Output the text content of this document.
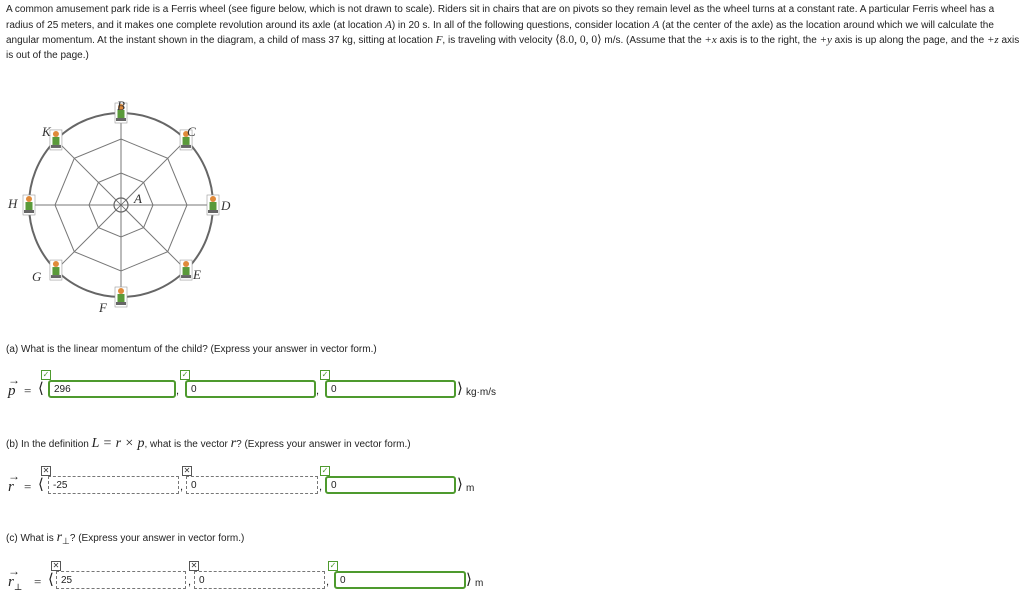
A common amusement park ride is a Ferris wheel (see figure below, which is not drawn to scale). Riders sit in chairs that are on pivots so they remain level as the wheel turns at a constant rate. A particular Ferris wheel has a radius of 25 meters, and it makes one complete revolution around its axle (at location A) in 20 s. In all of the following questions, consider location A (at the center of the axle) as the location around which we will calculate the angular momentum. At the instant shown in the diagram, a child of mass 37 kg, sitting at location F, is traveling with velocity ⟨8.0, 0, 0⟩ m/s. (Assume that the +x axis is to the right, the +y axis is up along the page, and the +z axis is out of the page.)
B
C
D
E
F
G
H
K
A
(a) What is the linear momentum of the child? (Express your answer in vector form.)
→
p = ⟨
✓
296
,
✓
0
,
✓
0
⟩ kg·m/s
(b) In the definition L = r × p, what is the vector r? (Express your answer in vector form.)
→
r = ⟨
✕
-25
,
✕
0
,
✓
0
⟩ m
(c) What is $r_\perp$? (Express your answer in vector form.)
→
$r_\perp$ = ⟨
✕
25
,
✕
0
,
✓
0
⟩ m
